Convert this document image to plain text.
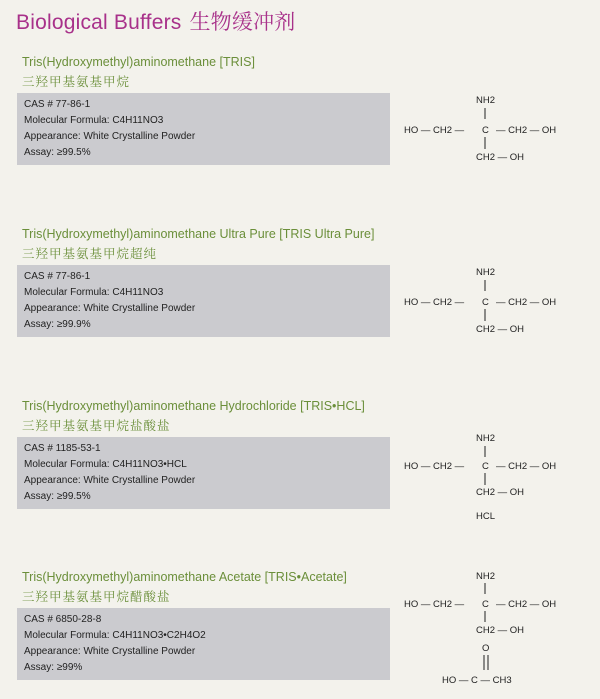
Biological Buffers 生物缓冲剂
Tris(Hydroxymethyl)aminomethane [TRIS]
三羟甲基氨基甲烷
CAS # 77-86-1
Molecular Formula: C4H11NO3
Appearance: White Crystalline Powder
Assay: ≥99.5%
NH2
HO — CH2 — C — CH2 — OH
CH2 — OH
Tris(Hydroxymethyl)aminomethane Ultra Pure [TRIS Ultra Pure]
三羟甲基氨基甲烷超纯
CAS # 77-86-1
Molecular Formula: C4H11NO3
Appearance: White Crystalline Powder
Assay: ≥99.9%
NH2
HO — CH2 — C — CH2 — OH
CH2 — OH
Tris(Hydroxymethyl)aminomethane Hydrochloride [TRIS•HCL]
三羟甲基氨基甲烷盐酸盐
CAS # 1185-53-1
Molecular Formula: C4H11NO3•HCL
Appearance: White Crystalline Powder
Assay: ≥99.5%
NH2
HO — CH2 — C — CH2 — OH
CH2 — OH
HCL
Tris(Hydroxymethyl)aminomethane Acetate [TRIS•Acetate]
三羟甲基氨基甲烷醋酸盐
CAS # 6850-28-8
Molecular Formula: C4H11NO3•C2H4O2
Appearance: White Crystalline Powder
Assay: ≥99%
NH2
HO — CH2 — C — CH2 — OH
CH2 — OH
O
HO — C — CH3
